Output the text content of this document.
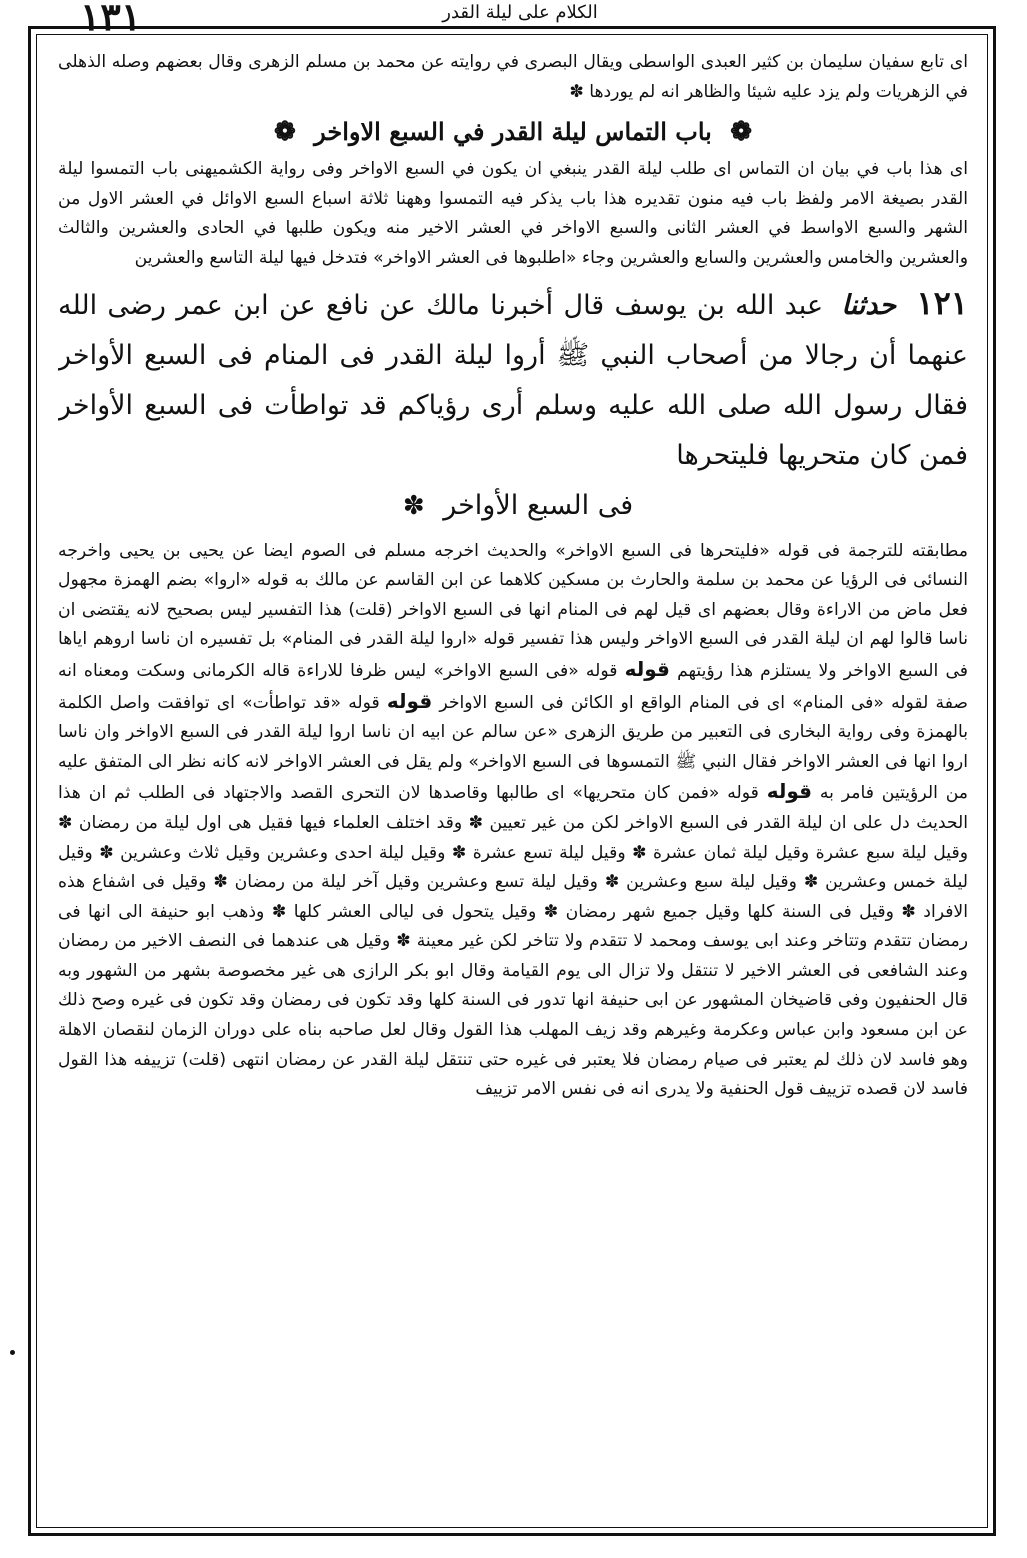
١٣١	الكلام على ليلة القدر

اى تابع سفيان سليمان بن كثير العبدى الواسطى ويقال البصرى في روايته عن محمد بن مسلم الزهرى وقال بعضهم وصله الذهلى في الزهريات ولم يزد عليه شيئا والظاهر انه لم يوردها ✽

❁ باب التماس ليلة القدر في السبع الاواخر ❁

اى هذا باب في بيان ان التماس اى طلب ليلة القدر ينبغي ان يكون في السبع الاواخر وفى رواية الكشميهنى باب التمسوا ليلة القدر بصيغة الامر ولفظ باب فيه منون تقديره هذا باب يذكر فيه التمسوا وههنا ثلاثة اسباع السبع الاوائل في العشر الاول من الشهر والسبع الاواسط في العشر الثانى والسبع الاواخر في العشر الاخير منه ويكون طلبها في الحادى والعشرين والثالث والعشرين والخامس والعشرين والسابع والعشرين وجاء «اطلبوها فى العشر الاواخر» فتدخل فيها ليلة التاسع والعشرين

١٢١ حدثنا عبد الله بن يوسف قال أخبرنا مالك عن نافع عن ابن عمر رضى الله عنهما أن رجالا من أصحاب النبي ﷺ أروا ليلة القدر فى المنام فى السبع الأواخر فقال رسول الله صلى الله عليه وسلم أرى رؤياكم قد تواطأت فى السبع الأواخر فمن كان متحريها فليتحرها
فى السبع الأواخر ✽
مطابقته للترجمة فى قوله «فليتحرها فى السبع الاواخر» والحديث اخرجه مسلم فى الصوم ايضا عن يحيى بن يحيى واخرجه النسائى فى الرؤيا عن محمد بن سلمة والحارث بن مسكين كلاهما عن ابن القاسم عن مالك به قوله «اروا» بضم الهمزة مجهول فعل ماض من الاراءة وقال بعضهم اى قيل لهم فى المنام انها فى السبع الاواخر (قلت) هذا التفسير ليس بصحيح لانه يقتضى ان ناسا قالوا لهم ان ليلة القدر فى السبع الاواخر وليس هذا تفسير قوله «اروا ليلة القدر فى المنام» بل تفسيره ان ناسا اروهم اياها فى السبع الاواخر ولا يستلزم هذا رؤيتهم قوله قوله «فى السبع الاواخر» ليس ظرفا للاراءة قاله الكرمانى وسكت ومعناه انه صفة لقوله «فى المنام» اى فى المنام الواقع او الكائن فى السبع الاواخر قوله قوله «قد تواطأت» اى توافقت واصل الكلمة بالهمزة وفى رواية البخارى فى التعبير من طريق الزهرى «عن سالم عن ابيه ان ناسا اروا ليلة القدر فى السبع الاواخر وان ناسا اروا انها فى العشر الاواخر فقال النبي ﷺ التمسوها فى السبع الاواخر» ولم يقل فى العشر الاواخر لانه كانه نظر الى المتفق عليه من الرؤيتين فامر به قوله قوله «فمن كان متحريها» اى طالبها وقاصدها لان التحرى القصد والاجتهاد فى الطلب ثم ان هذا الحديث دل على ان ليلة القدر فى السبع الاواخر لكن من غير تعيين ✽ وقد اختلف العلماء فيها فقيل هى اول ليلة من رمضان ✽ وقيل ليلة سبع عشرة وقيل ليلة ثمان عشرة ✽ وقيل ليلة تسع عشرة ✽ وقيل ليلة احدى وعشرين وقيل ثلاث وعشرين ✽ وقيل ليلة خمس وعشرين ✽ وقيل ليلة سبع وعشرين ✽ وقيل ليلة تسع وعشرين وقيل آخر ليلة من رمضان ✽ وقيل فى اشفاع هذه الافراد ✽ وقيل فى السنة كلها وقيل جميع شهر رمضان ✽ وقيل يتحول فى ليالى العشر كلها ✽ وذهب ابو حنيفة الى انها فى رمضان تتقدم وتتاخر وعند ابى يوسف ومحمد لا تتقدم ولا تتاخر لكن غير معينة ✽ وقيل هى عندهما فى النصف الاخير من رمضان وعند الشافعى فى العشر الاخير لا تنتقل ولا تزال الى يوم القيامة وقال ابو بكر الرازى هى غير مخصوصة بشهر من الشهور وبه قال الحنفيون وفى قاضيخان المشهور عن ابى حنيفة انها تدور فى السنة كلها وقد تكون فى رمضان وقد تكون فى غيره وصح ذلك عن ابن مسعود وابن عباس وعكرمة وغيرهم وقد زيف المهلب هذا القول وقال لعل صاحبه بناه على دوران الزمان لنقصان الاهلة وهو فاسد لان ذلك لم يعتبر فى صيام رمضان فلا يعتبر فى غيره حتى تنتقل ليلة القدر عن رمضان انتهى (قلت) تزييفه هذا القول فاسد لان قصده تزييف قول الحنفية ولا يدرى انه فى نفس الامر تزييف
